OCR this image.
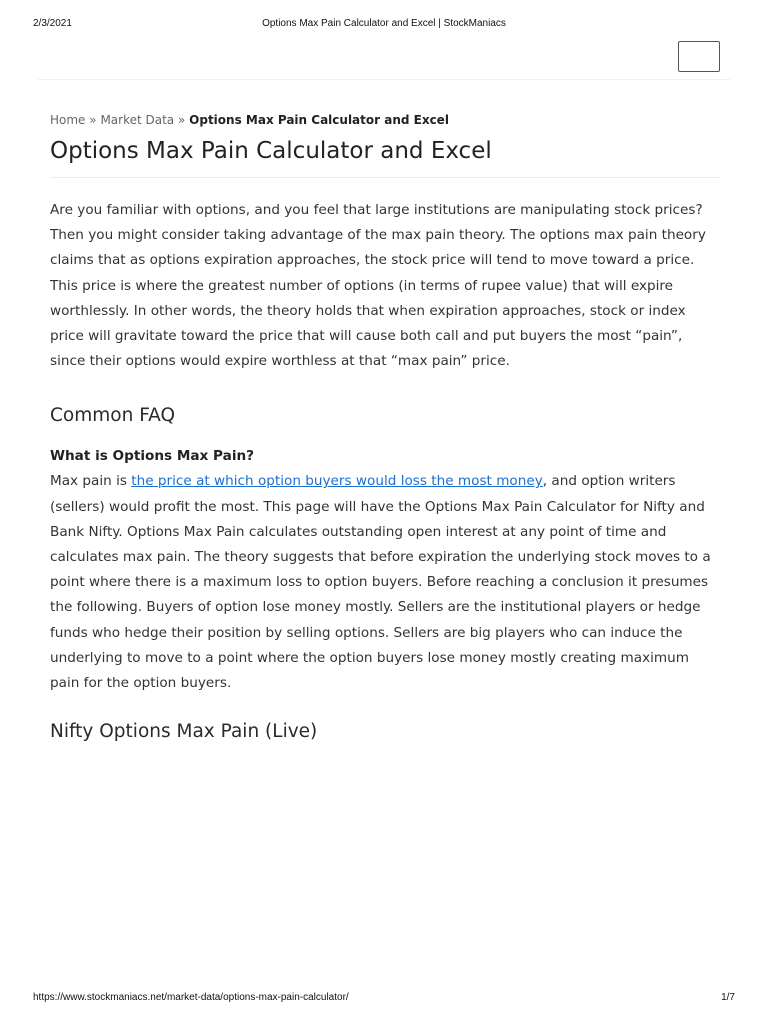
2/3/2021	Options Max Pain Calculator and Excel | StockManiacs
Home » Market Data » Options Max Pain Calculator and Excel
Options Max Pain Calculator and Excel

Are you familiar with options, and you feel that large institutions are manipulating stock prices? Then you might consider taking advantage of the max pain theory. The options max pain theory claims that as options expiration approaches, the stock price will tend to move toward a price. This price is where the greatest number of options (in terms of rupee value) that will expire worthlessly. In other words, the theory holds that when expiration approaches, stock or index price will gravitate toward the price that will cause both call and put buyers the most “pain”, since their options would expire worthless at that “max pain” price.

Common FAQ
What is Options Max Pain?

Max pain is the price at which option buyers would loss the most money, and option writers (sellers) would profit the most. This page will have the Options Max Pain Calculator for Nifty and Bank Nifty. Options Max Pain calculates outstanding open interest at any point of time and calculates max pain. The theory suggests that before expiration the underlying stock moves to a point where there is a maximum loss to option buyers. Before reaching a conclusion it presumes the following. Buyers of option lose money mostly. Sellers are the institutional players or hedge funds who hedge their position by selling options. Sellers are big players who can induce the underlying to move to a point where the option buyers lose money mostly creating maximum pain for the option buyers.

Nifty Options Max Pain (Live)
https://www.stockmaniacs.net/market-data/options-max-pain-calculator/	1/7
